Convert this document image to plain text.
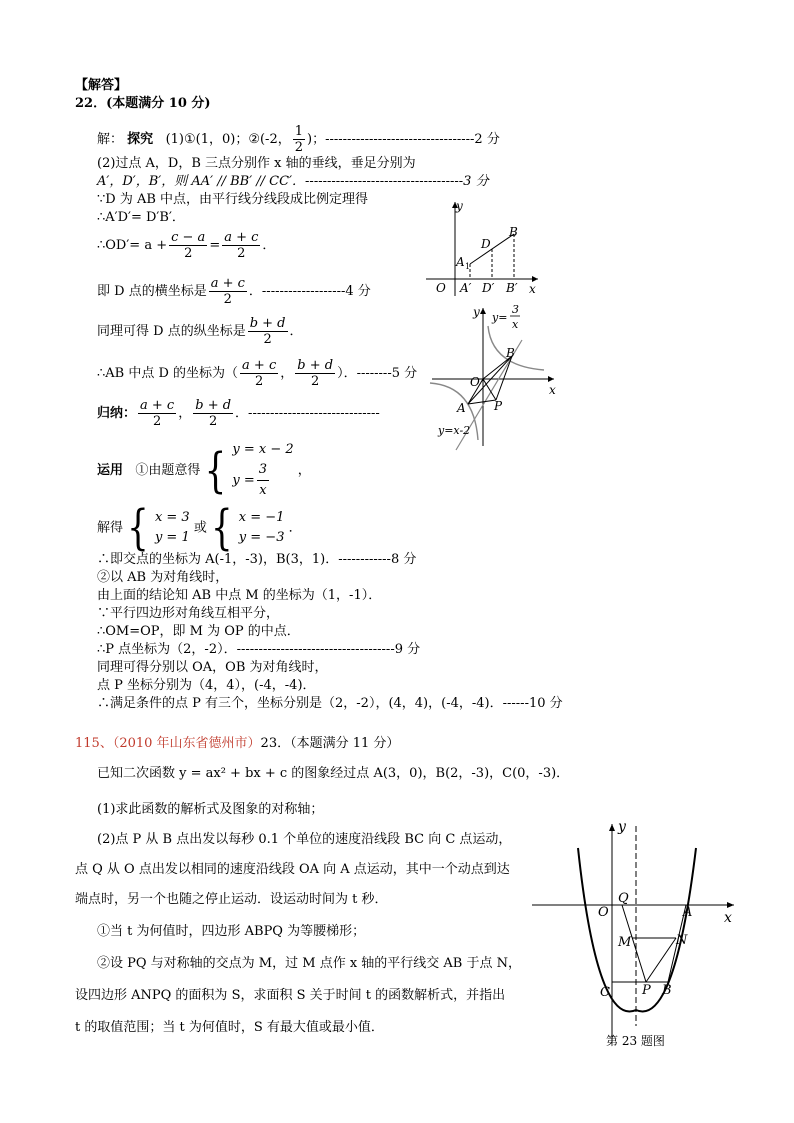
【解答】
22．(本题满分 10 分)
解： 探究 (1)①(1，0)；②(-2， $\frac{1}{2}$ )；----------------------------------2 分
(2)过点 A，D，B 三点分别作 x 轴的垂线，垂足分别为
A′，D′，B′，则 AA′ // BB′ // CC′．------------------------------------3 分
∵D 为 AB 中点，由平行线分线段成比例定理得
∴A′D′= D′B′．
∴OD′= $a + \frac{c - a}{2} = \frac{a + c}{2}$ ．
即 D 点的横坐标是 $\frac{a + c}{2}$ ．-------------------4 分
同理可得 D 点的纵坐标是 $\frac{b + d}{2}$ ．
∴AB 中点 D 的坐标为（ $\frac{a + c}{2}$ ， $\frac{b + d}{2}$ ）．--------5 分
归纳： $\frac{a + c}{2}$ ， $\frac{b + d}{2}$ ．------------------------------
运用 ①由题意得 { y = x − 2
$y = \frac{3}{x}$ ，
解得 { x = 3
y = 1
或 { x = −1
y = −3
．
∴即交点的坐标为 A(-1，-3)，B(3，1)．------------8 分
②以 AB 为对角线时，
由上面的结论知 AB 中点 M 的坐标为（1，-1）．
∵平行四边形对角线互相平分，
∴OM=OP，即 M 为 OP 的中点．
∴P 点坐标为（2，-2）．------------------------------------9 分
同理可得分别以 OA，OB 为对角线时，
点 P 坐标分别为（4，4），(-4，-4)．
∴满足条件的点 P 有三个，坐标分别是（2，-2），(4，4)，(-4，-4)．------10 分
y
x
O
A 1
D
B
A′ D′ B′
y
x
y=
3
x
O
A
B
P
y=x-2
115、（2010 年山东省德州市）23．（本题满分 11 分）
已知二次函数 y = ax² + bx + c 的图象经过点 A(3，0)，B(2，-3)，C(0，-3)．
(1)求此函数的解析式及图象的对称轴；
(2)点 P 从 B 点出发以每秒 0.1 个单位的速度沿线段 BC 向 C 点运动，
点 Q 从 O 点出发以相同的速度沿线段 OA 向 A 点运动，其中一个动点到达
端点时，另一个也随之停止运动．设运动时间为 t 秒．
①当 t 为何值时，四边形 ABPQ 为等腰梯形；
②设 PQ 与对称轴的交点为 M，过 M 点作 x 轴的平行线交 AB 于点 N，
设四边形 ANPQ 的面积为 S，求面积 S 关于时间 t 的函数解析式，并指出
t 的取值范围；当 t 为何值时，S 有最大值或最小值．
y
x
O
Q
A
M	N
C P B
第 23 题图
